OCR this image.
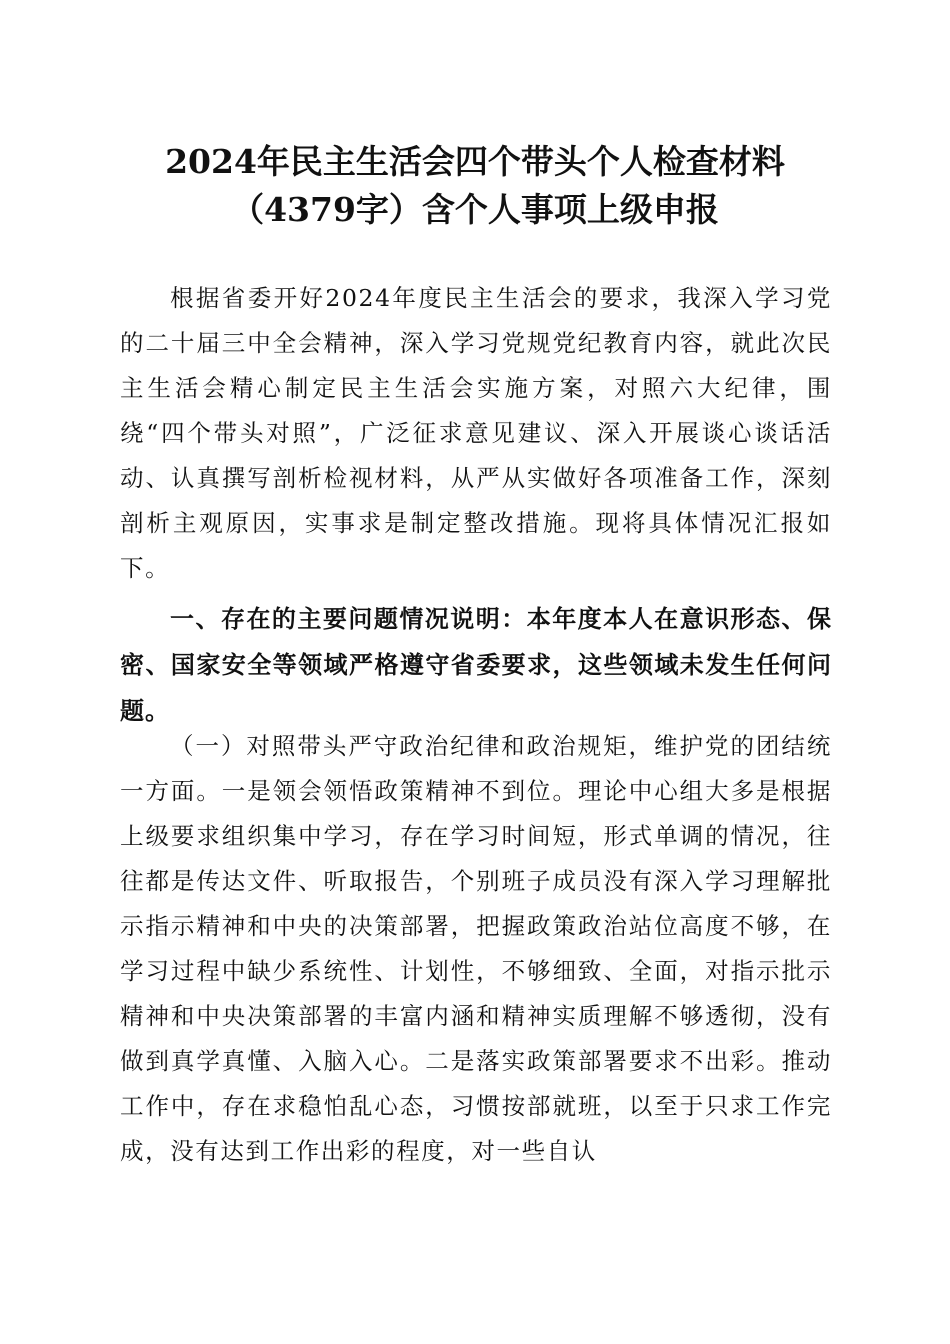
2024年民主生活会四个带头个人检查材料
（4379字）含个人事项上级申报

根据省委开好2024年度民主生活会的要求，我深入学习党的二十届三中全会精神，深入学习党规党纪教育内容，就此次民主生活会精心制定民主生活会实施方案，对照六大纪律，围绕“四个带头对照”，广泛征求意见建议、深入开展谈心谈话活动、认真撰写剖析检视材料，从严从实做好各项准备工作，深刻剖析主观原因，实事求是制定整改措施。现将具体情况汇报如下。

一、存在的主要问题情况说明：本年度本人在意识形态、保密、国家安全等领域严格遵守省委要求，这些领域未发生任何问题。

（一）对照带头严守政治纪律和政治规矩，维护党的团结统一方面。一是领会领悟政策精神不到位。理论中心组大多是根据上级要求组织集中学习，存在学习时间短，形式单调的情况，往往都是传达文件、听取报告，个别班子成员没有深入学习理解批示指示精神和中央的决策部署，把握政策政治站位高度不够，在学习过程中缺少系统性、计划性，不够细致、全面，对指示批示精神和中央决策部署的丰富内涵和精神实质理解不够透彻，没有做到真学真懂、入脑入心。二是落实政策部署要求不出彩。推动工作中，存在求稳怕乱心态，习惯按部就班，以至于只求工作完成，没有达到工作出彩的程度，对一些自认
